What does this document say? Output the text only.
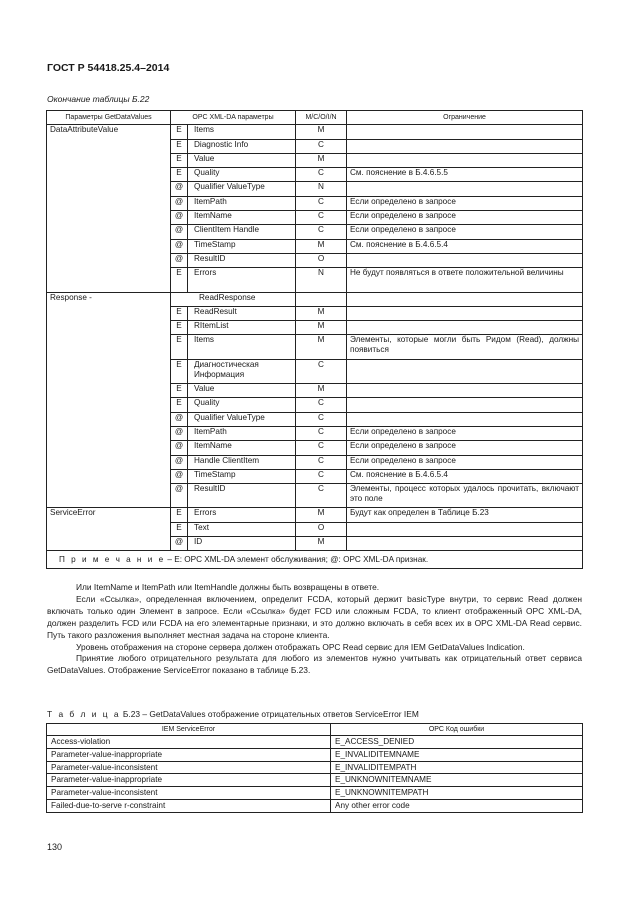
ГОСТ Р 54418.25.4–2014
Окончание таблицы Б.22
Параметры GetDataValues	OPC XML-DA параметры		M/C/O/I/N	Ограничение
DataAttributeValue	E	Items	M	
	E	Diagnostic Info	C	
	E	Value	M	
	E	Quality	C	См. пояснение в Б.4.6.5.5
	@	Qualifier ValueType	N	
	@	ItemPath	C	Если определено в запросе
	@	ItemName	C	Если определено в запросе
	@	ClientItem Handle	C	Если определено в запросе
	@	TimeStamp	M	См. пояснение в Б.4.6.5.4
	@	ResultID	O	
	E	Errors	N	Не будут появляться в ответе положительной величины
Response -	ReadResponse			
	E	ReadResult	M	
	E	RItemList	M	
	E	Items	M	Элементы, которые могли быть Ридом (Read), должны появиться
	E	Диагностическая Информация	C	
	E	Value	M	
	E	Quality	C	
	@	Qualifier ValueType	C	
	@	ItemPath	C	Если определено в запросе
	@	ItemName	C	Если определено в запросе
	@	Handle ClientItem	C	Если определено в запросе
	@	TimeStamp	C	См. пояснение в Б.4.6.5.4
	@	ResultID	C	Элементы, процесс которых удалось прочитать, включают это поле
ServiceError	E	Errors	M	Будут как определен в Таблице Б.23
	E	Text	O	
	@	ID	M	
П р и м е ч а н и е – E: OPC XML-DA элемент обслуживания; @: OPC XML-DA признак.				

Или ItemName и ItemPath или ItemHandle должны быть возвращены в ответе.

Если «Ссылка», определенная включением, определит FCDA, который держит basicType внутри, то сервис Read должен включать только один Элемент в запросе. Если «Ссылка» будет FCD или сложным FCDA, то клиент отображенный OPC XML-DA, должен разделить FCD или FCDA на его элементарные признаки, и это должно включать в себя всех их в OPC XML-DA Read сервис. Путь такого разложения выполняет местная задача на стороне клиента.

Уровень отображения на стороне сервера должен отображать OPC Read сервис для IEM GetDataValues Indication.

Принятие любого отрицательного результата для любого из элементов нужно учитывать как отрицательный ответ сервиса GetDataValues. Отображение ServiceError показано в таблице Б.23.

Т а б л и ц а Б.23 – GetDataValues отображение отрицательных ответов ServiceError IEM
IEM ServiceError	OPC Код ошибки
Access-violation	E_ACCESS_DENIED
Parameter-value-inappropriate	E_INVALIDITEMNAME
Parameter-value-inconsistent	E_INVALIDITEMPATH
Parameter-value-inappropriate	E_UNKNOWNITEMNAME
Parameter-value-inconsistent	E_UNKNOWNITEMPATH
Failed-due-to-serve r-constraint	Any other error code
130
